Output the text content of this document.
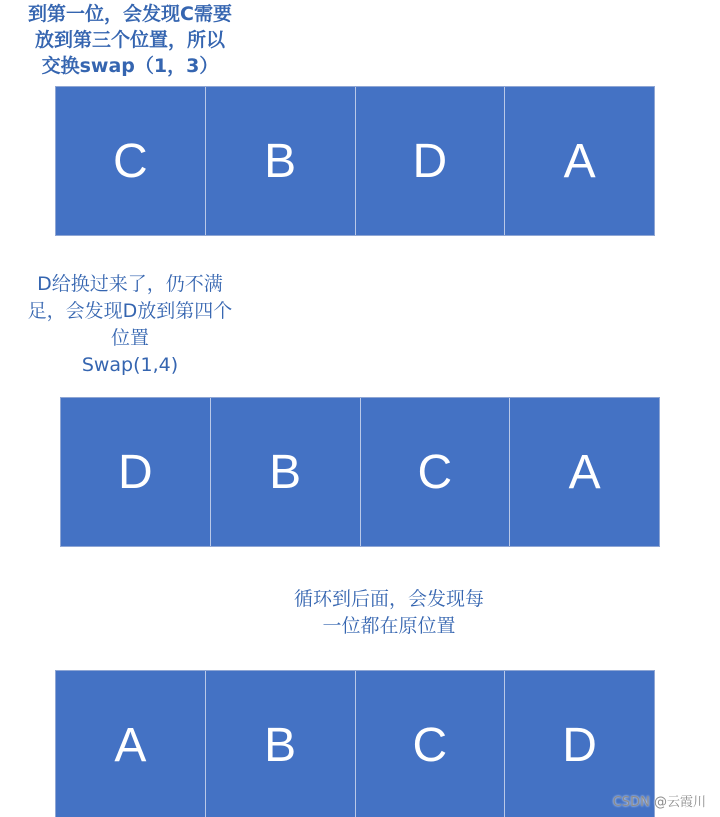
到第一位，会发现C需要
放到第三个位置，所以
交换swap（1，3）
C	B	D	A
D给换过来了，仍不满
足，会发现D放到第四个
位置
Swap(1,4)
D	B	C	A
循环到后面，会发现每
一位都在原位置
A	B	C	D
CSDN @云霞川
